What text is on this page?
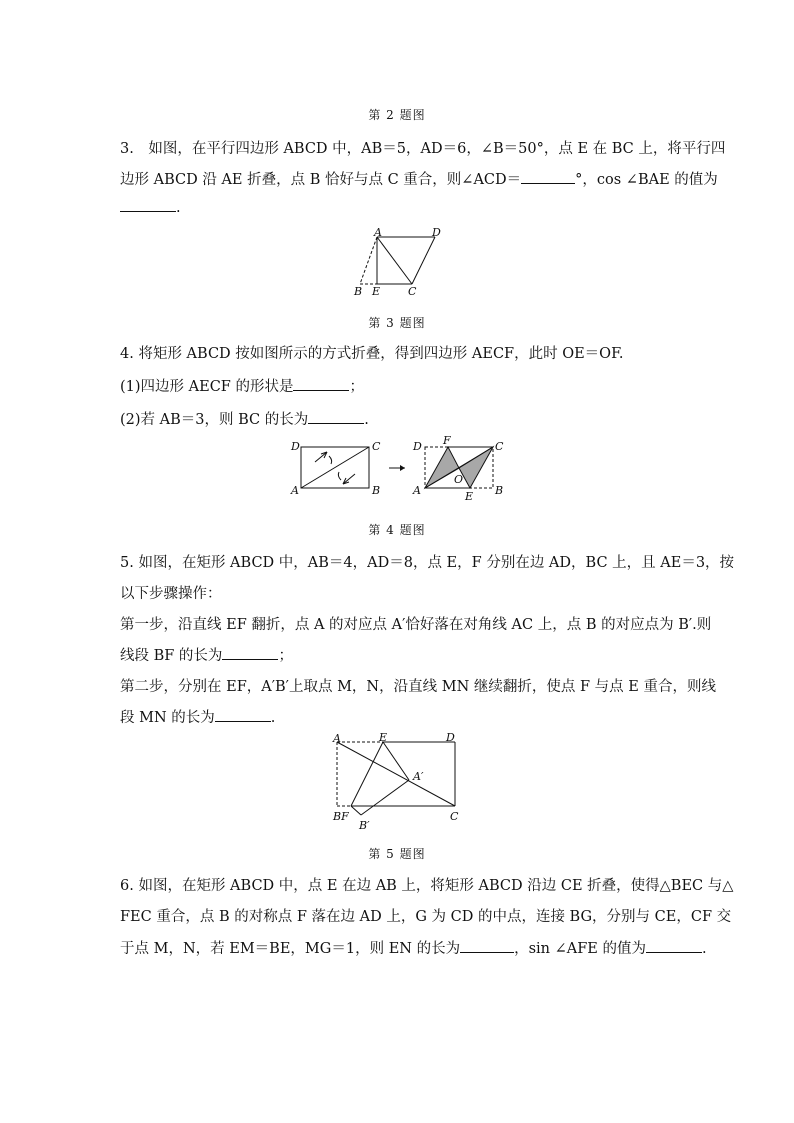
第 2 题图
3.　如图，在平行四边形 ABCD 中，AB＝5，AD＝6，∠B＝50°，点 E 在 BC 上，将平行四
边形 ABCD 沿 AE 折叠，点 B 恰好与点 C 重合，则∠ACD＝	°，cos ∠BAE 的值为
.
A	D
B E	C
第 3 题图
4. 将矩形 ABCD 按如图所示的方式折叠，得到四边形 AECF，此时 OE＝OF.
(1)四边形 AECF 的形状是	；
(2)若 AB＝3，则 BC 的长为	.
D	C
A	B
F
D	C
A
O
E B
第 4 题图
5. 如图，在矩形 ABCD 中，AB＝4，AD＝8，点 E，F 分别在边 AD，BC 上，且 AE＝3，按
以下步骤操作：
第一步，沿直线 EF 翻折，点 A 的对应点 A′恰好落在对角线 AC 上，点 B 的对应点为 B′.则
线段 BF 的长为	；
第二步，分别在 EF，A′B′上取点 M，N，沿直线 MN 继续翻折，使点 F 与点 E 重合，则线
段 MN 的长为	.
A	E	D
A′
BF
B′
C
第 5 题图
6. 如图，在矩形 ABCD 中，点 E 在边 AB 上，将矩形 ABCD 沿边 CE 折叠，使得△BEC 与△
FEC 重合，点 B 的对称点 F 落在边 AD 上，G 为 CD 的中点，连接 BG，分别与 CE，CF 交
于点 M，N，若 EM＝BE，MG＝1，则 EN 的长为	，sin ∠AFE 的值为	.
